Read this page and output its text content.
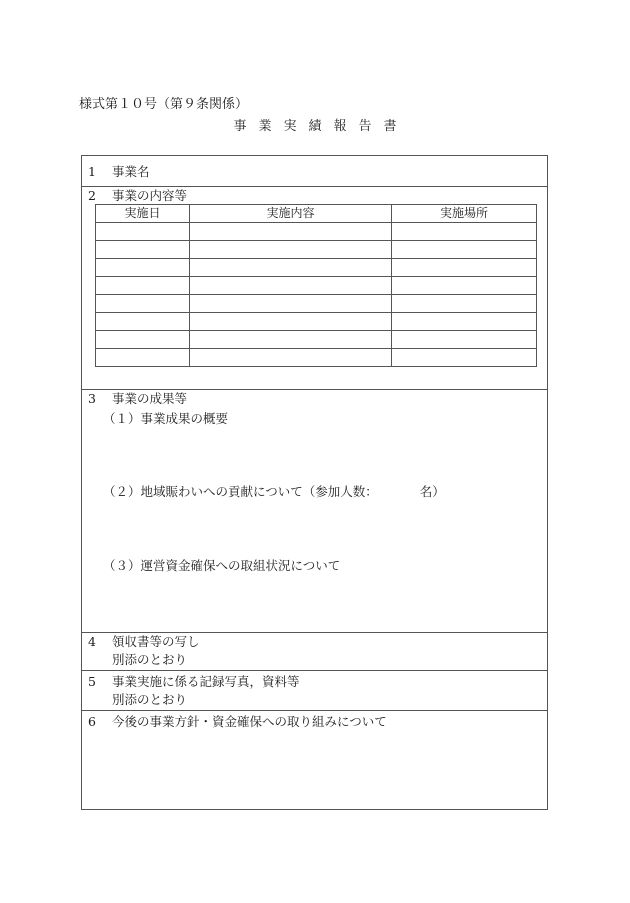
様式第１０号（第９条関係）
事業実績報告書
1 事業名
2 事業の内容等
実施日	実施内容	実施場所

3 事業の成果等
（１）事業成果の概要
（２）地域賑わいへの貢献について（参加人数：	名）
（３）運営資金確保への取組状況について
4 領収書等の写し
別添のとおり
5 事業実施に係る記録写真，資料等
別添のとおり
6 今後の事業方針・資金確保への取り組みについて
